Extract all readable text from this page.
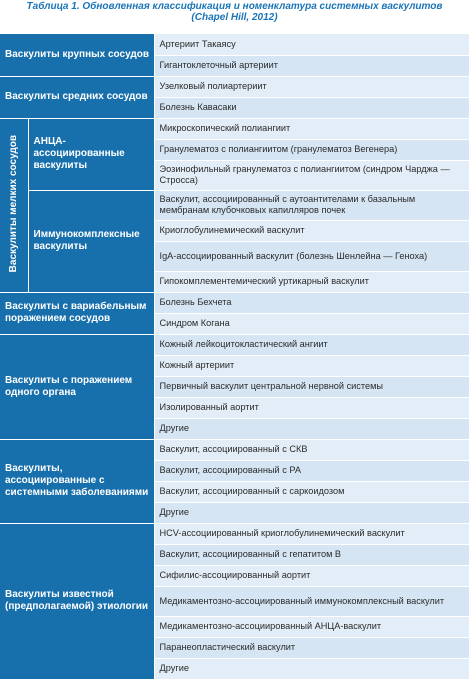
Таблица 1. Обновленная классификация и номенклатура системных васкулитов
(Chapel Hill, 2012)
Васкулиты крупных сосудов		Артериит Такаясу
		Гигантоклеточный артериит
Васкулиты средних сосудов		Узелковый полиартериит
		Болезнь Кавасаки
Васкулиты мелких сосудов	АНЦА-ассоциированные васкулиты	Микроскопический полиангиит
		Гранулематоз с полиангиитом (гранулематоз Вегенера)
		Эозинофильный гранулематоз с полиангиитом (синдром Чарджа — Стросса)
	Иммунокомплексные васкулиты	Васкулит, ассоциированный с аутоантителами к базальным мембранам клубочковых капилляров почек
		Криоглобулинемический васкулит
		IgA-ассоциированный васкулит (болезнь Шенлейна — Геноха)
		Гипокомплементемический уртикарный васкулит
Васкулиты с вариабельным поражением сосудов		Болезнь Бехчета
		Синдром Когана
Васкулиты с поражением одного органа		Кожный лейкоцитокластический ангиит
		Кожный артериит
		Первичный васкулит центральной нервной системы
		Изолированный аортит
		Другие
Васкулиты, ассоциированные с системными заболеваниями		Васкулит, ассоциированный с СКВ
		Васкулит, ассоциированный с РА
		Васкулит, ассоциированный с саркоидозом
		Другие
Васкулиты известной (предполагаемой) этиологии		HCV-ассоциированный криоглобулинемический васкулит
		Васкулит, ассоциированный с гепатитом В
		Сифилис-ассоциированный аортит
		Медикаментозно-ассоциированный иммунокомплексный васкулит
		Медикаментозно-ассоциированный АНЦА-васкулит
		Паранеопластический васкулит
		Другие
